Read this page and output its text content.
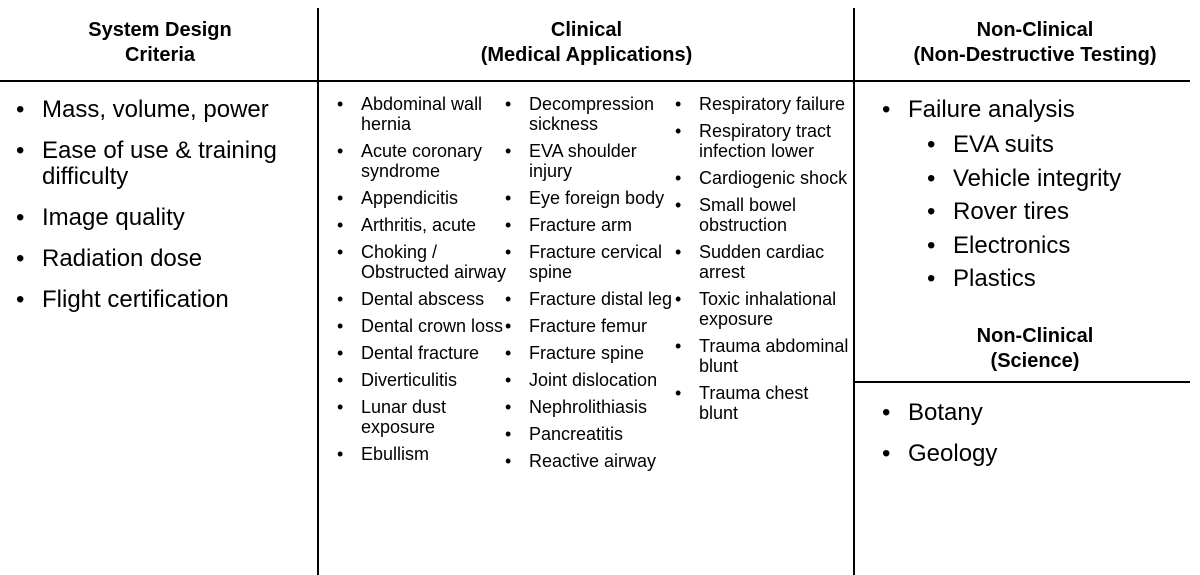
System Design
Criteria
Clinical
(Medical Applications)
Non-Clinical
(Non-Destructive Testing)
• Mass, volume, power
• Ease of use & training difficulty
• Image quality
• Radiation dose
• Flight certification
• Abdominal wall hernia
• Acute coronary syndrome
• Appendicitis
• Arthritis, acute
• Choking / Obstructed airway
• Dental abscess
• Dental crown loss
• Dental fracture
• Diverticulitis
• Lunar dust exposure
• Ebullism
• Decompression sickness
• EVA shoulder injury
• Eye foreign body
• Fracture arm
• Fracture cervical spine
• Fracture distal leg
• Fracture femur
• Fracture spine
• Joint dislocation
• Nephrolithiasis
• Pancreatitis
• Reactive airway
• Respiratory failure
• Respiratory tract infection lower
• Cardiogenic shock
• Small bowel obstruction
• Sudden cardiac arrest
• Toxic inhalational exposure
• Trauma abdominal blunt
• Trauma chest blunt
• Failure analysis
• EVA suits
• Vehicle integrity
• Rover tires
• Electronics
• Plastics
Non-Clinical
(Science)
• Botany
• Geology
